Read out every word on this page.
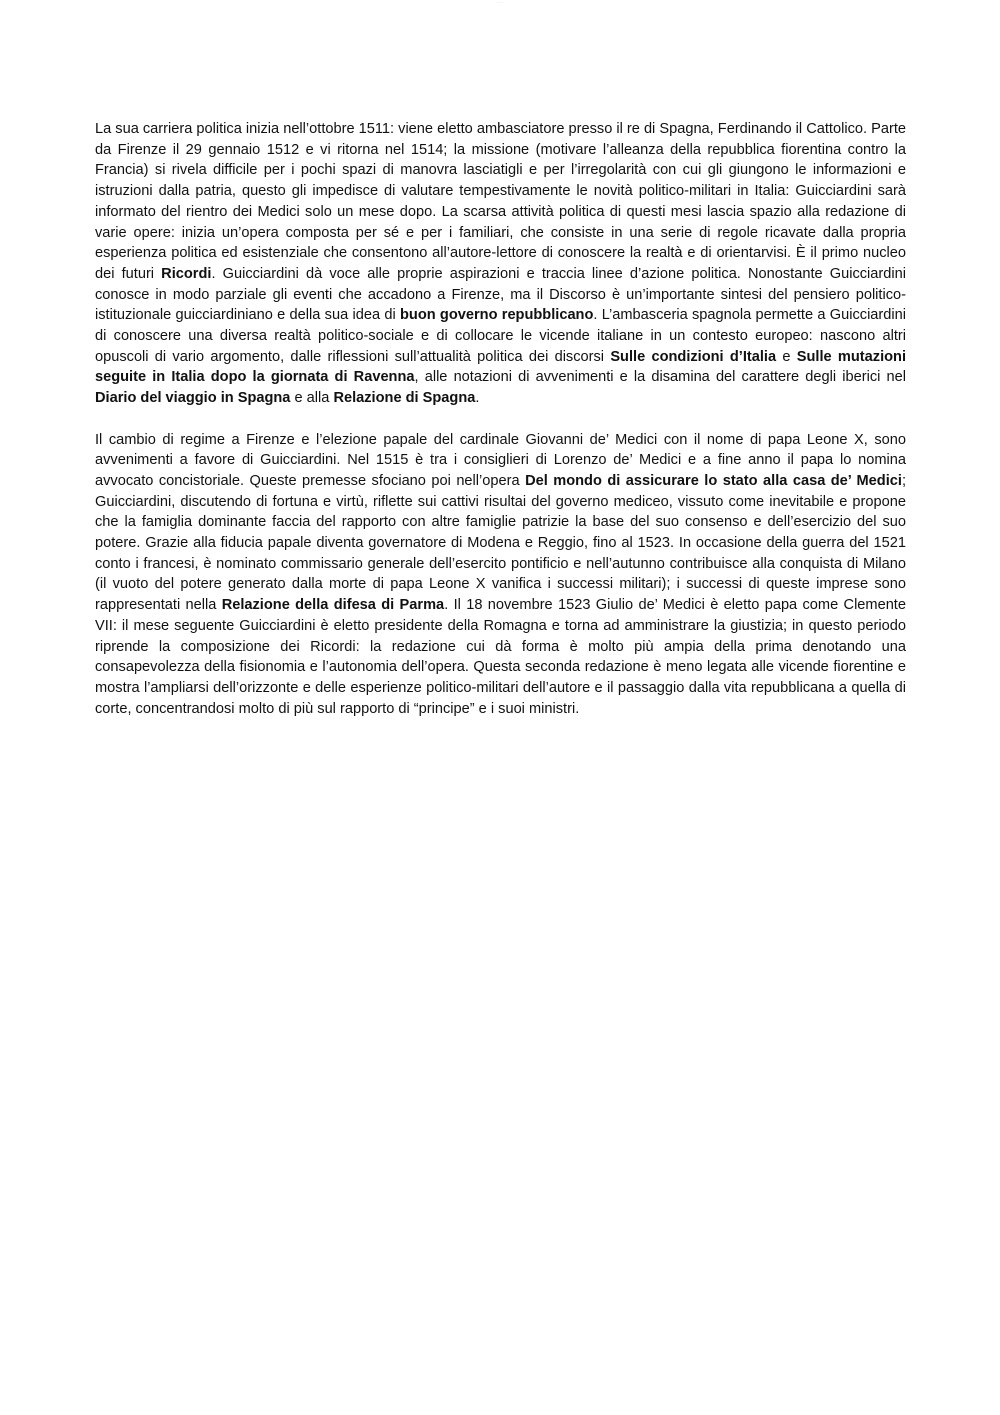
........

La sua carriera politica inizia nell’ottobre 1511: viene eletto ambasciatore presso il re di Spagna, Ferdinando il Cattolico. Parte da Firenze il 29 gennaio 1512 e vi ritorna nel 1514; la missione (motivare l’alleanza della repubblica fiorentina contro la Francia) si rivela difficile per i pochi spazi di manovra lasciatigli e per l’irregolarità con cui gli giungono le informazioni e istruzioni dalla patria, questo gli impedisce di valutare tempestivamente le novità politico-militari in Italia: Guicciardini sarà informato del rientro dei Medici solo un mese dopo. La scarsa attività politica di questi mesi lascia spazio alla redazione di varie opere: inizia un’opera composta per sé e per i familiari, che consiste in una serie di regole ricavate dalla propria esperienza politica ed esistenziale che consentono all’autore-lettore di conoscere la realtà e di orientarvisi. È il primo nucleo dei futuri Ricordi. Guicciardini dà voce alle proprie aspirazioni e traccia linee d’azione politica. Nonostante Guicciardini conosce in modo parziale gli eventi che accadono a Firenze, ma il Discorso è un’importante sintesi del pensiero politico-istituzionale guicciardiniano e della sua idea di buon governo repubblicano. L’ambasceria spagnola permette a Guicciardini di conoscere una diversa realtà politico-sociale e di collocare le vicende italiane in un contesto europeo: nascono altri opuscoli di vario argomento, dalle riflessioni sull’attualità politica dei discorsi Sulle condizioni d’Italia e Sulle mutazioni seguite in Italia dopo la giornata di Ravenna, alle notazioni di avvenimenti e la disamina del carattere degli iberici nel Diario del viaggio in Spagna e alla Relazione di Spagna.

Il cambio di regime a Firenze e l’elezione papale del cardinale Giovanni de’ Medici con il nome di papa Leone X, sono avvenimenti a favore di Guicciardini. Nel 1515 è tra i consiglieri di Lorenzo de’ Medici e a fine anno il papa lo nomina avvocato concistoriale. Queste premesse sfociano poi nell’opera Del mondo di assicurare lo stato alla casa de’ Medici; Guicciardini, discutendo di fortuna e virtù, riflette sui cattivi risultai del governo mediceo, vissuto come inevitabile e propone che la famiglia dominante faccia del rapporto con altre famiglie patrizie la base del suo consenso e dell’esercizio del suo potere. Grazie alla fiducia papale diventa governatore di Modena e Reggio, fino al 1523. In occasione della guerra del 1521 conto i francesi, è nominato commissario generale dell’esercito pontificio e nell’autunno contribuisce alla conquista di Milano (il vuoto del potere generato dalla morte di papa Leone X vanifica i successi militari); i successi di queste imprese sono rappresentati nella Relazione della difesa di Parma. Il 18 novembre 1523 Giulio de’ Medici è eletto papa come Clemente VII: il mese seguente Guicciardini è eletto presidente della Romagna e torna ad amministrare la giustizia; in questo periodo riprende la composizione dei Ricordi: la redazione cui dà forma è molto più ampia della prima denotando una consapevolezza della fisionomia e l’autonomia dell’opera. Questa seconda redazione è meno legata alle vicende fiorentine e mostra l’ampliarsi dell’orizzonte e delle esperienze politico-militari dell’autore e il passaggio dalla vita repubblicana a quella di corte, concentrandosi molto di più sul rapporto di “principe” e i suoi ministri.
